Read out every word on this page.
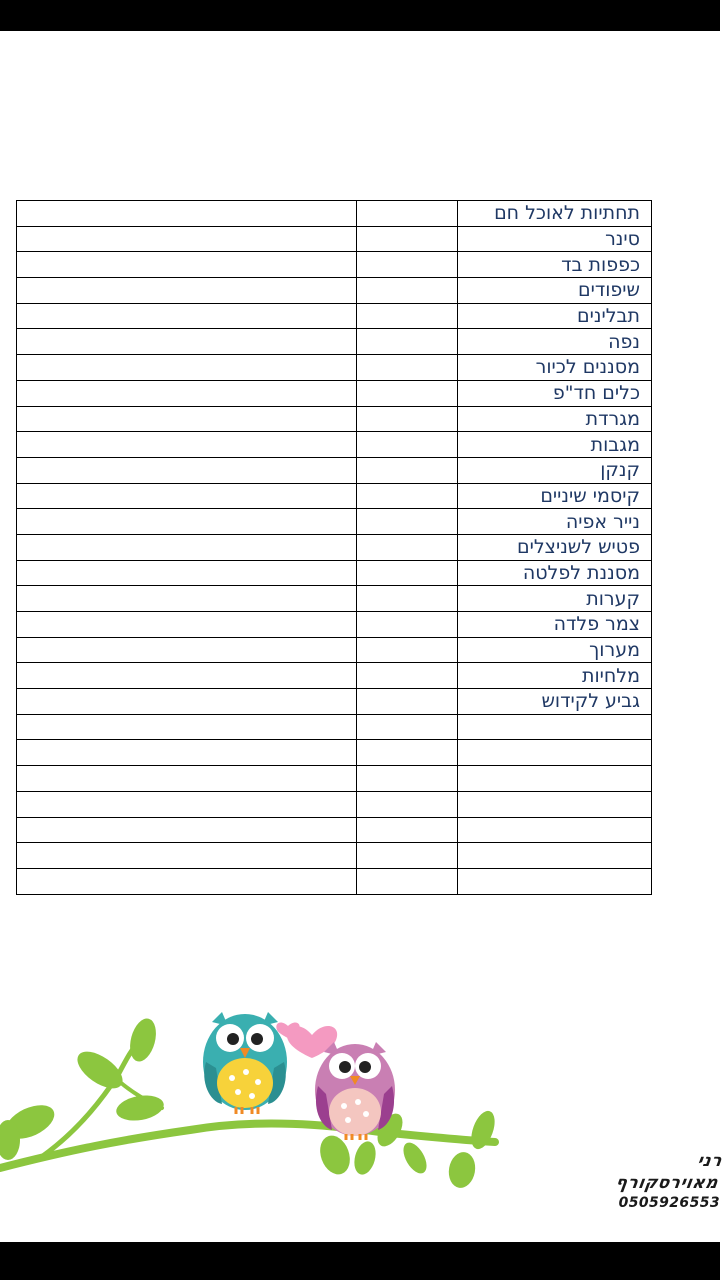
		תחתיות לאוכל חם
		סינר
		כפפות בד
		שיפודים
		תבלינים
		נפה
		מסננים לכיור
		כלים חד"פ
		מגרדת
		מגבות
		קנקן
		קיסמי שיניים
		נייר אפיה
		פטיש לשניצלים
		מסננת לפלטה
		קערות
		צמר פלדה
		מערוך
		מלחיות
		גביע לקידוש

רני מאוירסקורף
0505926553
